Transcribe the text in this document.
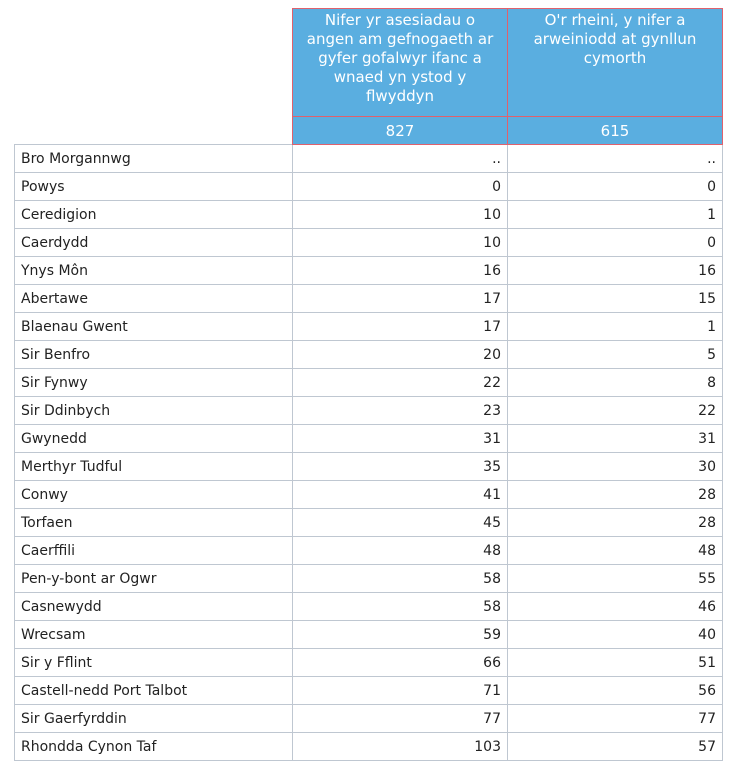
	Nifer yr asesiadau o angen am gefnogaeth ar gyfer gofalwyr ifanc a wnaed yn ystod y flwyddyn	O'r rheini, y nifer a arweiniodd at gynllun cymorth
	827	615
Bro Morgannwg	..	..
Powys	0	0
Ceredigion	10	1
Caerdydd	10	0
Ynys Môn	16	16
Abertawe	17	15
Blaenau Gwent	17	1
Sir Benfro	20	5
Sir Fynwy	22	8
Sir Ddinbych	23	22
Gwynedd	31	31
Merthyr Tudful	35	30
Conwy	41	28
Torfaen	45	28
Caerffili	48	48
Pen-y-bont ar Ogwr	58	55
Casnewydd	58	46
Wrecsam	59	40
Sir y Fflint	66	51
Castell-nedd Port Talbot	71	56
Sir Gaerfyrddin	77	77
Rhondda Cynon Taf	103	57
